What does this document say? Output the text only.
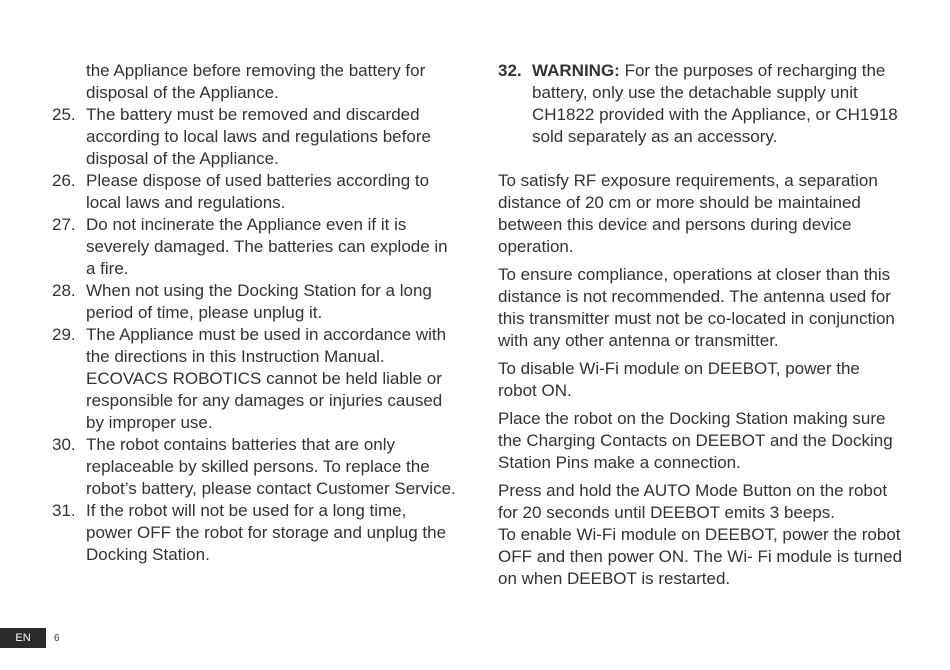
the Appliance before removing the battery for disposal of the Appliance.
25. The battery must be removed and discarded according to local laws and regulations before disposal of the Appliance.
26. Please dispose of used batteries according to local laws and regulations.
27. Do not incinerate the Appliance even if it is severely damaged. The batteries can explode in a fire.
28. When not using the Docking Station for a long period of time, please unplug it.
29. The Appliance must be used in accordance with the directions in this Instruction Manual. ECOVACS ROBOTICS cannot be held liable or responsible for any damages or injuries caused by improper use.
30. The robot contains batteries that are only replaceable by skilled persons. To replace the robot’s battery, please contact Customer Service.
31. If the robot will not be used for a long time, power OFF the robot for storage and unplug the Docking Station.
32. WARNING: For the purposes of recharging the battery, only use the detachable supply unit CH1822 provided with the Appliance, or CH1918 sold separately as an accessory.

To satisfy RF exposure requirements, a separation distance of 20 cm or more should be maintained between this device and persons during device operation.

To ensure compliance, operations at closer than this distance is not recommended. The antenna used for this transmitter must not be co-located in conjunction with any other antenna or transmitter.

To disable Wi-Fi module on DEEBOT, power the robot ON.

Place the robot on the Docking Station making sure the Charging Contacts on DEEBOT and the Docking Station Pins make a connection.

Press and hold the AUTO Mode Button on the robot for 20 seconds until DEEBOT emits 3 beeps.

To enable Wi-Fi module on DEEBOT, power the robot OFF and then power ON. The Wi- Fi module is turned on when DEEBOT is restarted.

EN	6
